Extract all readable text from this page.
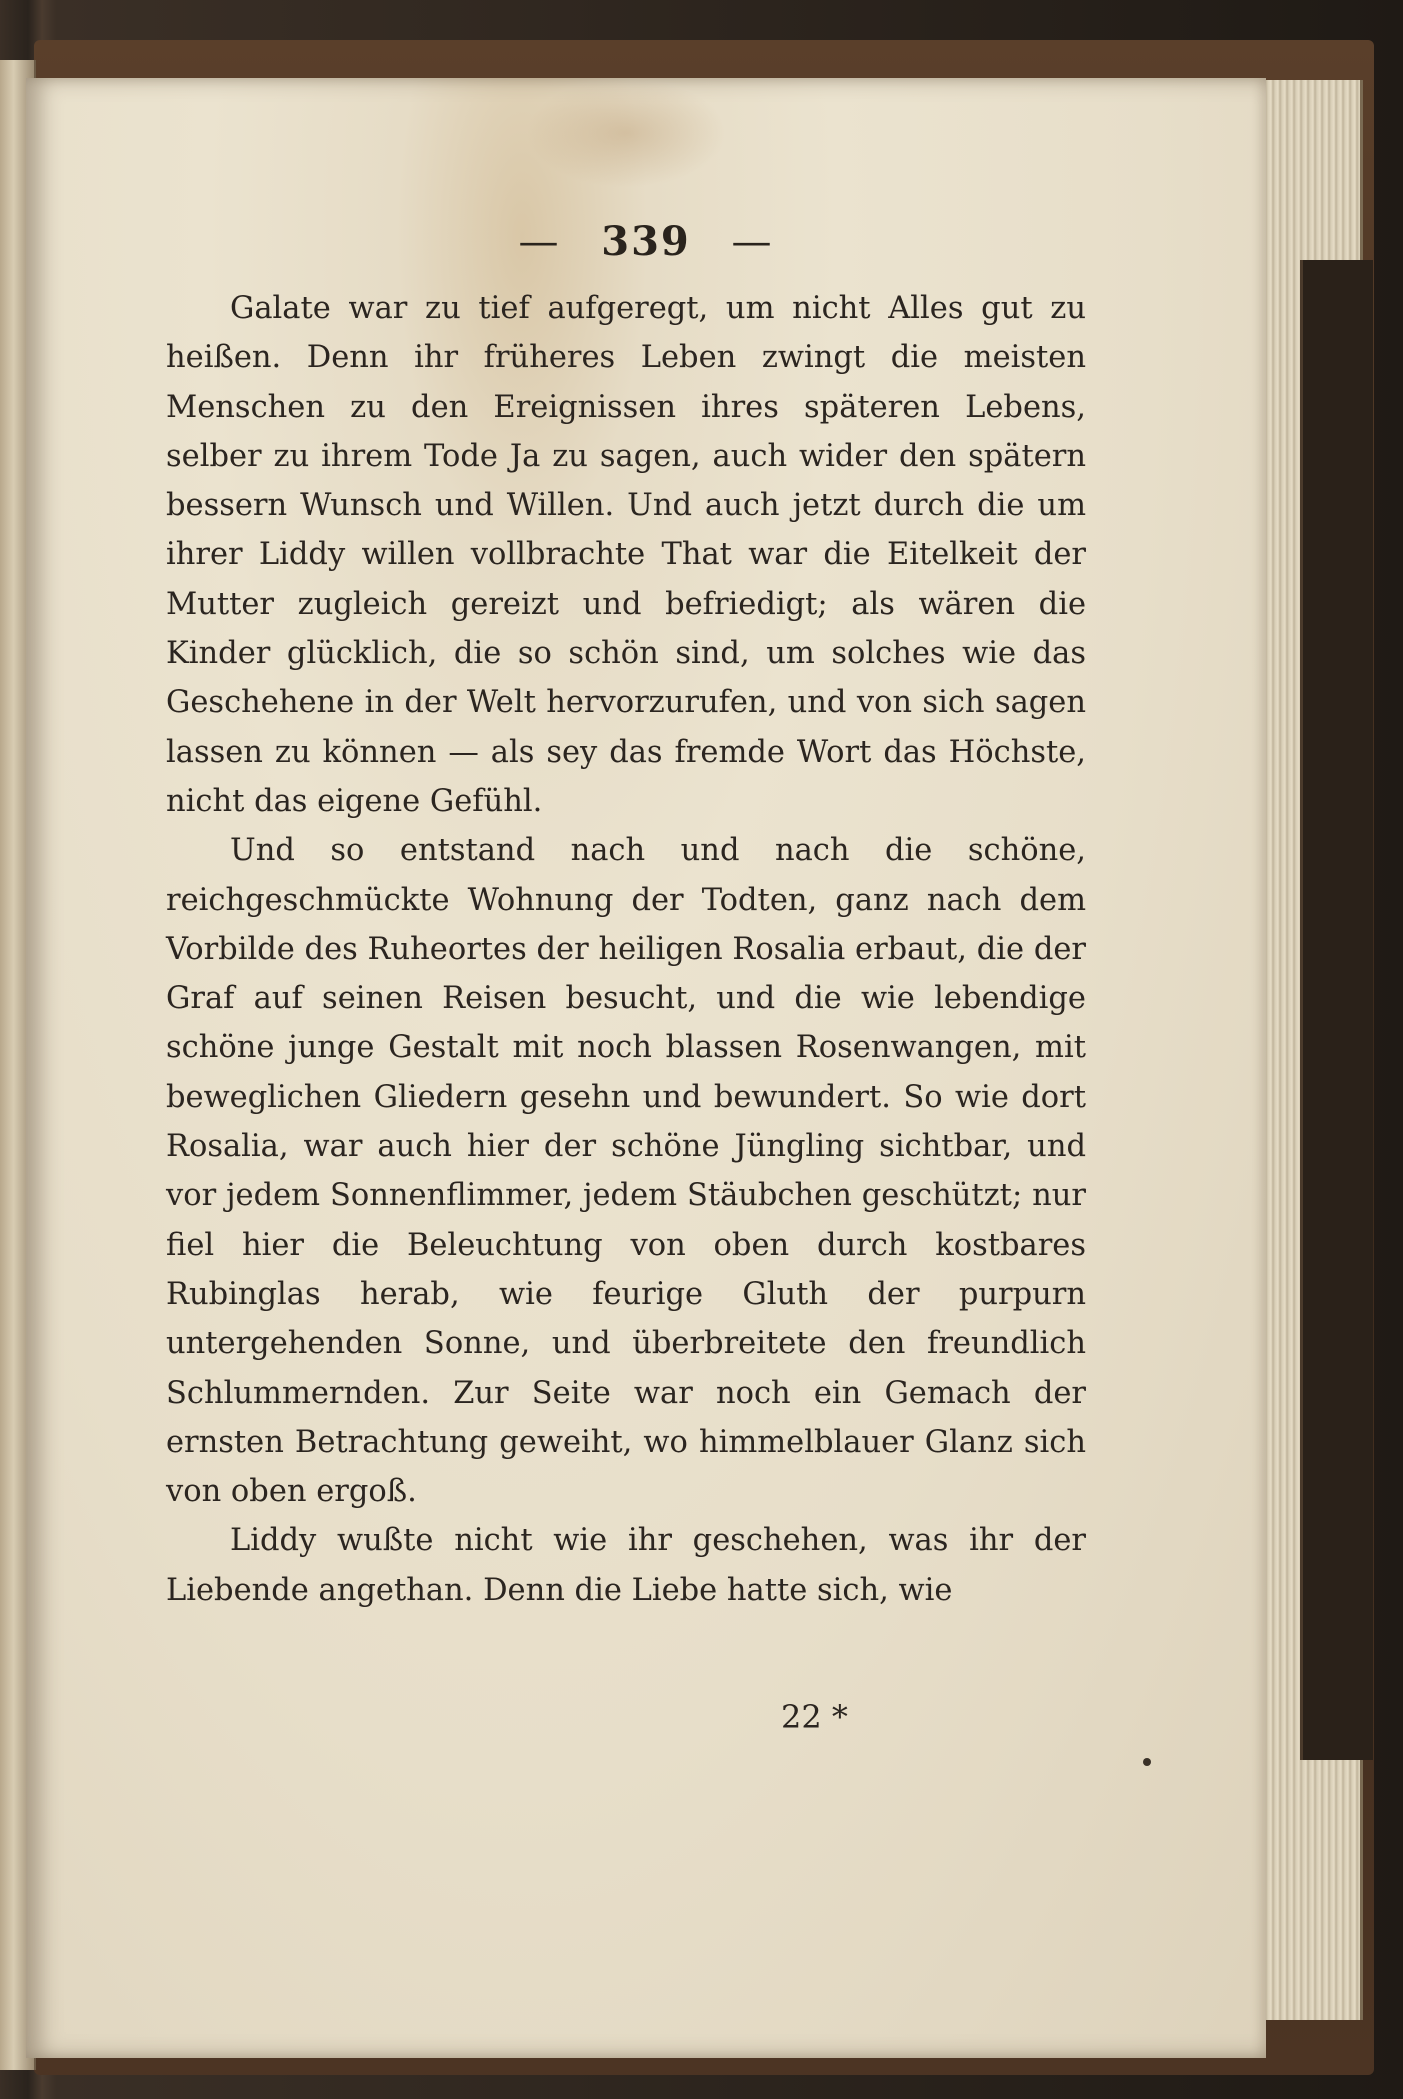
— 339 —

Galate war zu tief aufgeregt, um nicht Alles gut zu heißen. Denn ihr früheres Leben zwingt die meisten Menschen zu den Ereignissen ihres späteren Lebens, selber zu ihrem Tode Ja zu sagen, auch wider den spätern bessern Wunsch und Willen. Und auch jetzt durch die um ihrer Liddy willen vollbrachte That war die Eitelkeit der Mutter zugleich gereizt und befriedigt; als wären die Kinder glücklich, die so schön sind, um solches wie das Geschehene in der Welt hervorzurufen, und von sich sagen lassen zu können — als sey das fremde Wort das Höchste, nicht das eigene Gefühl.

Und so entstand nach und nach die schöne, reichgeschmückte Wohnung der Todten, ganz nach dem Vorbilde des Ruheortes der heiligen Rosalia erbaut, die der Graf auf seinen Reisen besucht, und die wie lebendige schöne junge Gestalt mit noch blassen Rosenwangen, mit beweglichen Gliedern gesehn und bewundert. So wie dort Rosalia, war auch hier der schöne Jüngling sichtbar, und vor jedem Sonnenflimmer, jedem Stäubchen geschützt; nur fiel hier die Beleuchtung von oben durch kostbares Rubinglas herab, wie feurige Gluth der purpurn untergehenden Sonne, und überbreitete den freundlich Schlummernden. Zur Seite war noch ein Gemach der ernsten Betrachtung geweiht, wo himmelblauer Glanz sich von oben ergoß.

Liddy wußte nicht wie ihr geschehen, was ihr der Liebende angethan. Denn die Liebe hatte sich, wie

22 *
